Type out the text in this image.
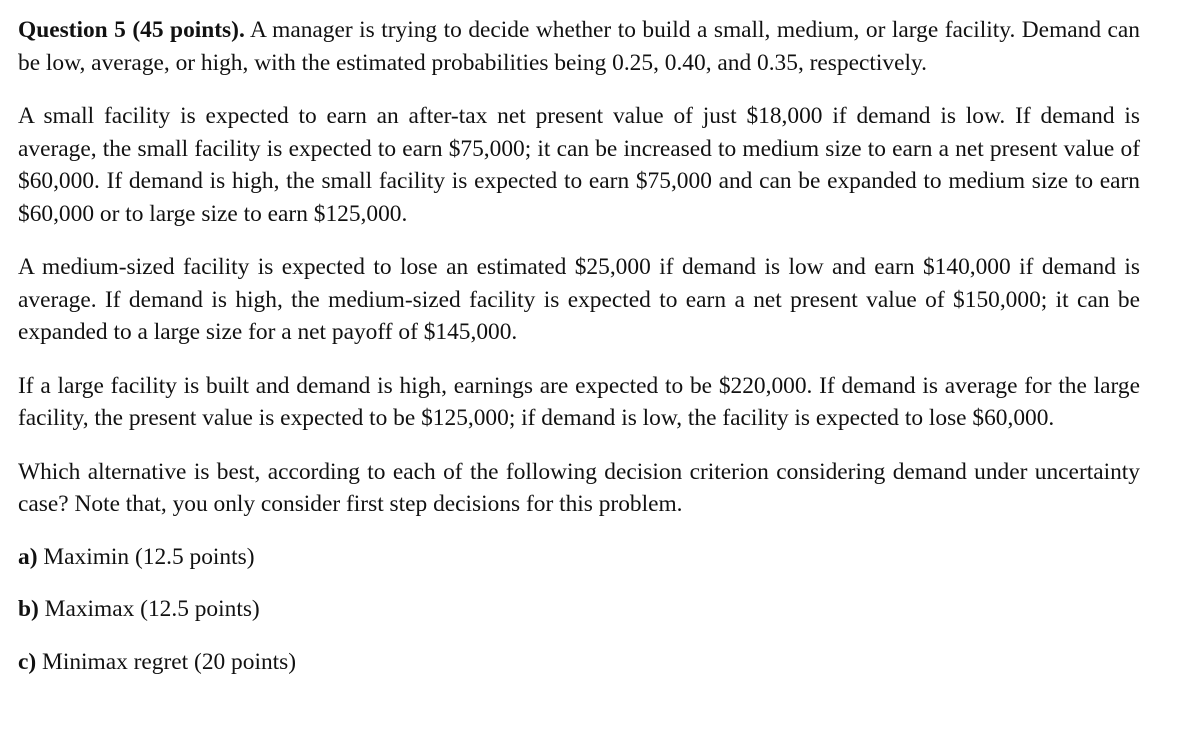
Question 5 (45 points). A manager is trying to decide whether to build a small, medium, or large facility. Demand can be low, average, or high, with the estimated probabilities being 0.25, 0.40, and 0.35, respectively.

A small facility is expected to earn an after-tax net present value of just $18,000 if demand is low. If demand is average, the small facility is expected to earn $75,000; it can be increased to medium size to earn a net present value of $60,000. If demand is high, the small facility is expected to earn $75,000 and can be expanded to medium size to earn $60,000 or to large size to earn $125,000.

A medium-sized facility is expected to lose an estimated $25,000 if demand is low and earn $140,000 if demand is average. If demand is high, the medium-sized facility is expected to earn a net present value of $150,000; it can be expanded to a large size for a net payoff of $145,000.

If a large facility is built and demand is high, earnings are expected to be $220,000. If demand is average for the large facility, the present value is expected to be $125,000; if demand is low, the facility is expected to lose $60,000.

Which alternative is best, according to each of the following decision criterion considering demand under uncertainty case? Note that, you only consider first step decisions for this problem.

a) Maximin (12.5 points)

b) Maximax (12.5 points)

c) Minimax regret (20 points)
